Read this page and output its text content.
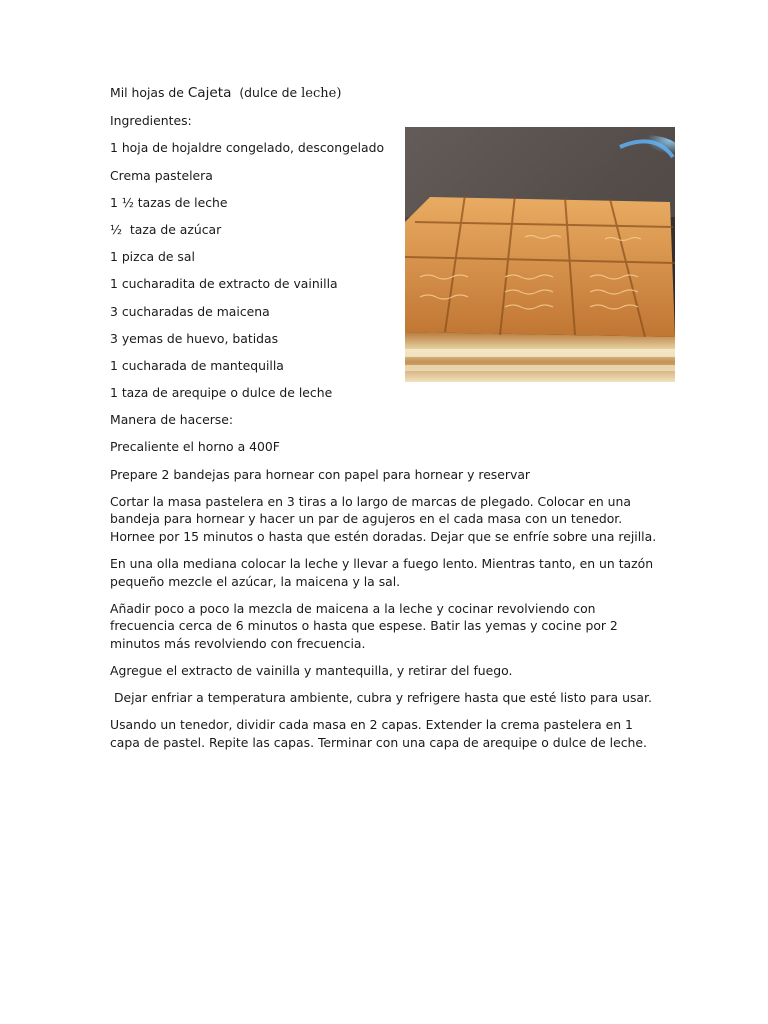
Mil hojas de Cajeta  (dulce de leche)

Ingredientes:

1 hoja de hojaldre congelado, descongelado

Crema pastelera

1 ½ tazas de leche

½  taza de azúcar

1 pizca de sal

1 cucharadita de extracto de vainilla

3 cucharadas de maicena

3 yemas de huevo, batidas

1 cucharada de mantequilla

1 taza de arequipe o dulce de leche

Manera de hacerse:

Precaliente el horno a 400F

Prepare 2 bandejas para hornear con papel para hornear y reservar

Cortar la masa pastelera en 3 tiras a lo largo de marcas de plegado. Colocar en una bandeja para hornear y hacer un par de agujeros en el cada masa con un tenedor. Hornee por 15 minutos o hasta que estén doradas. Dejar que se enfríe sobre una rejilla.

En una olla mediana colocar la leche y llevar a fuego lento. Mientras tanto, en un tazón pequeño mezcle el azúcar, la maicena y la sal.

Añadir poco a poco la mezcla de maicena a la leche y cocinar revolviendo con frecuencia cerca de 6 minutos o hasta que espese. Batir las yemas y cocine por 2 minutos más revolviendo con frecuencia.

Agregue el extracto de vainilla y mantequilla, y retirar del fuego.

Dejar enfriar a temperatura ambiente, cubra y refrigere hasta que esté listo para usar.

Usando un tenedor, dividir cada masa en 2 capas. Extender la crema pastelera en 1 capa de pastel. Repite las capas. Terminar con una capa de arequipe o dulce de leche.
